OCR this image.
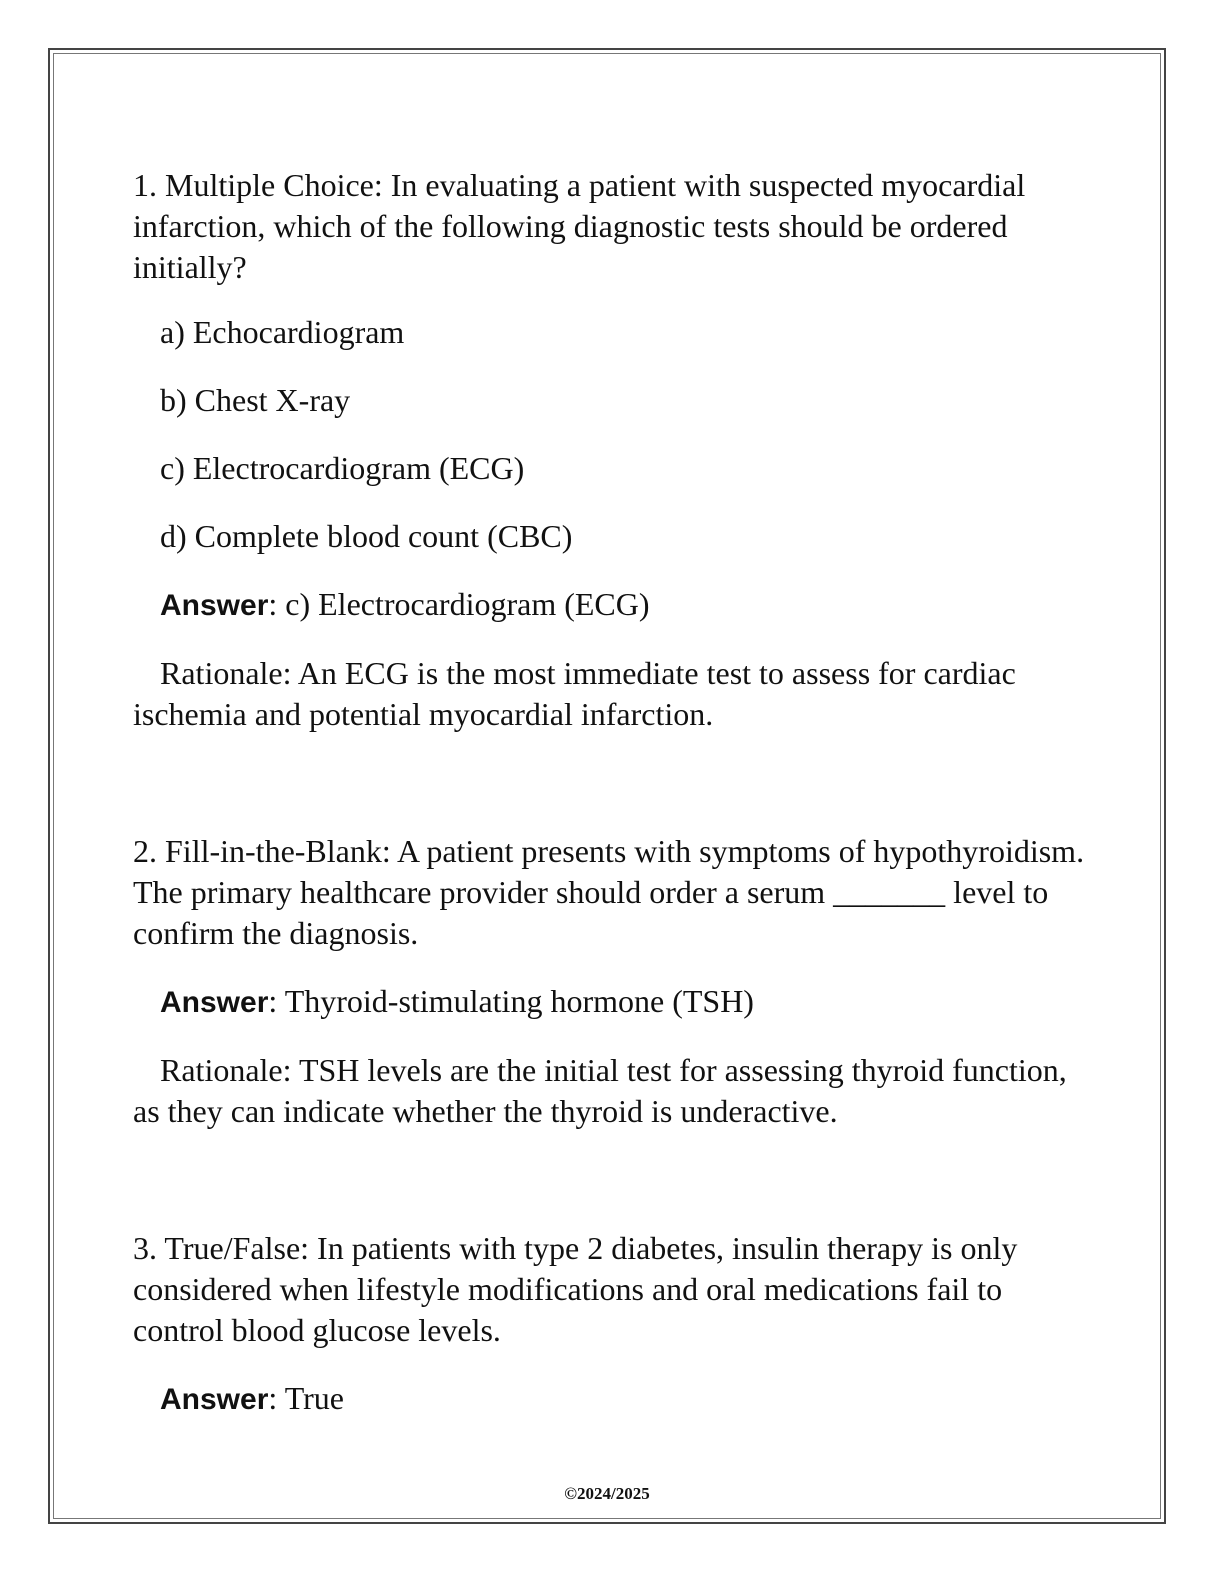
1. Multiple Choice: In evaluating a patient with suspected myocardial infarction, which of the following diagnostic tests should be ordered initially?

a) Echocardiogram

b) Chest X-ray

c) Electrocardiogram (ECG)

d) Complete blood count (CBC)

Answer: c) Electrocardiogram (ECG)

Rationale: An ECG is the most immediate test to assess for cardiac ischemia and potential myocardial infarction.

2. Fill-in-the-Blank: A patient presents with symptoms of hypothyroidism. The primary healthcare provider should order a serum _______ level to confirm the diagnosis.

Answer: Thyroid-stimulating hormone (TSH)

Rationale: TSH levels are the initial test for assessing thyroid function, as they can indicate whether the thyroid is underactive.

3. True/False: In patients with type 2 diabetes, insulin therapy is only considered when lifestyle modifications and oral medications fail to control blood glucose levels.

Answer: True

©2024/2025
